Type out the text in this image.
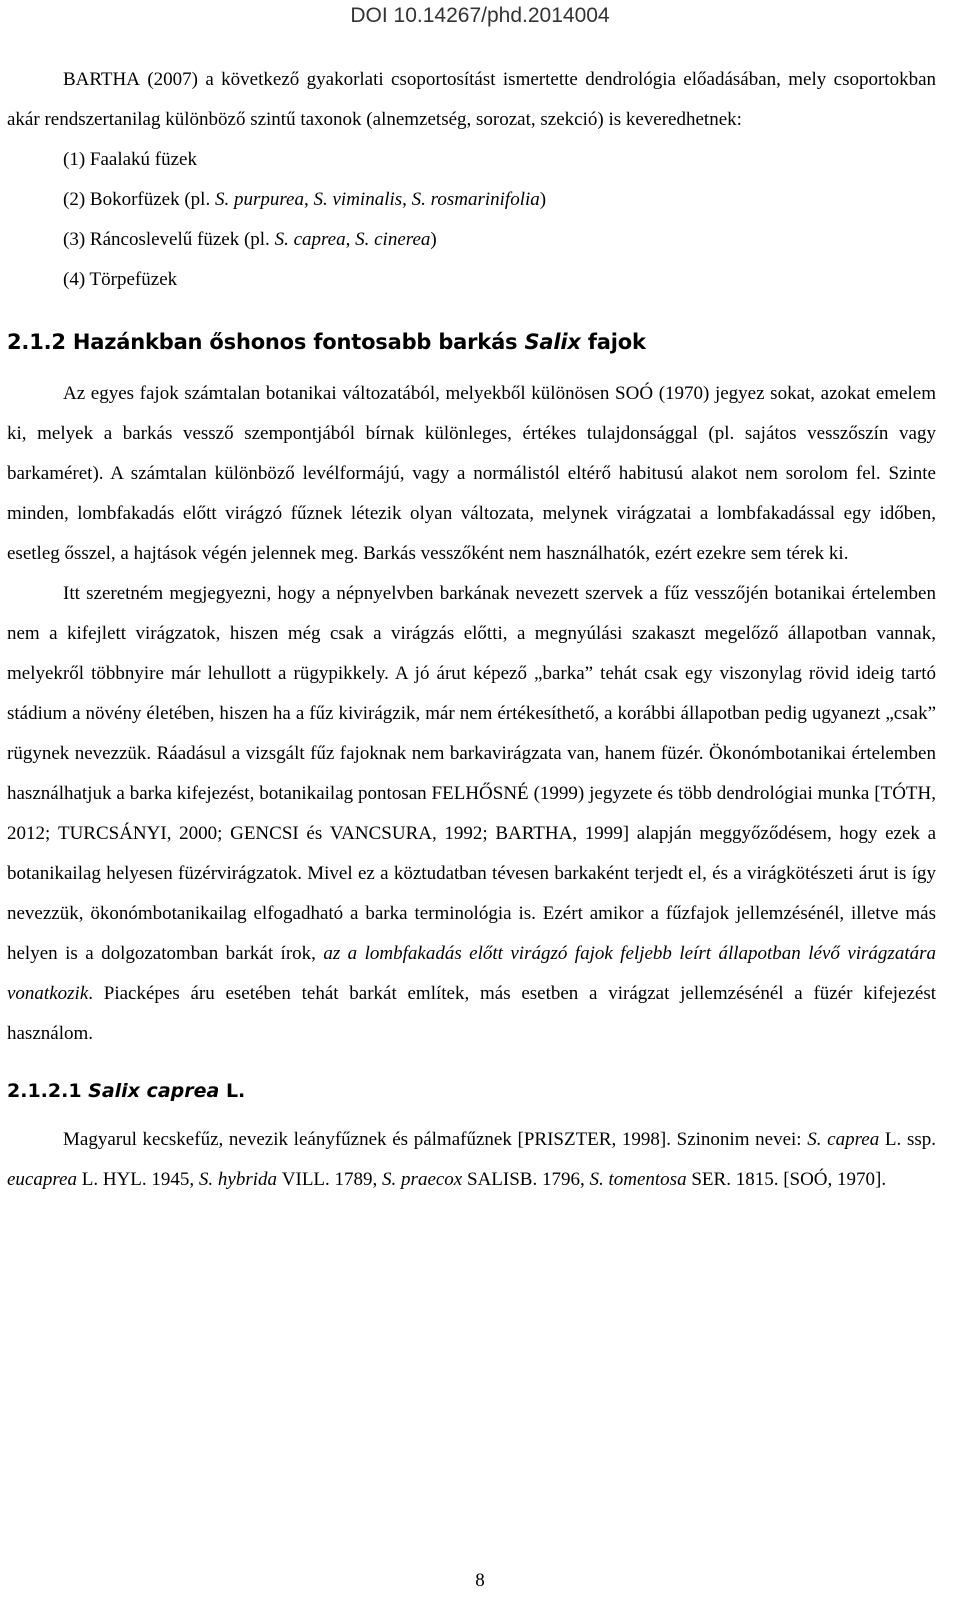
DOI 10.14267/phd.2014004

BARTHA (2007) a következő gyakorlati csoportosítást ismertette dendrológia előadásában, mely csoportokban akár rendszertanilag különböző szintű taxonok (alnemzetség, sorozat, szekció) is keveredhetnek:

(1) Faalakú füzek

(2) Bokorfüzek (pl. S. purpurea, S. viminalis, S. rosmarinifolia)

(3) Ráncoslevelű füzek (pl. S. caprea, S. cinerea)

(4) Törpefüzek

2.1.2 Hazánkban őshonos fontosabb barkás Salix fajok

Az egyes fajok számtalan botanikai változatából, melyekből különösen SOÓ (1970) jegyez sokat, azokat emelem ki, melyek a barkás vessző szempontjából bírnak különleges, értékes tulajdonsággal (pl. sajátos vesszőszín vagy barkaméret). A számtalan különböző levélformájú, vagy a normálistól eltérő habitusú alakot nem sorolom fel. Szinte minden, lombfakadás előtt virágzó fűznek létezik olyan változata, melynek virágzatai a lombfakadással egy időben, esetleg ősszel, a hajtások végén jelennek meg. Barkás vesszőként nem használhatók, ezért ezekre sem térek ki.

Itt szeretném megjegyezni, hogy a népnyelvben barkának nevezett szervek a fűz vesszőjén botanikai értelemben nem a kifejlett virágzatok, hiszen még csak a virágzás előtti, a megnyúlási szakaszt megelőző állapotban vannak, melyekről többnyire már lehullott a rügypikkely. A jó árut képező „barka” tehát csak egy viszonylag rövid ideig tartó stádium a növény életében, hiszen ha a fűz kivirágzik, már nem értékesíthető, a korábbi állapotban pedig ugyanezt „csak” rügynek nevezzük. Ráadásul a vizsgált fűz fajoknak nem barkavirágzata van, hanem füzér. Ökonómbotanikai értelemben használhatjuk a barka kifejezést, botanikailag pontosan FELHŐSNÉ (1999) jegyzete és több dendrológiai munka [TÓTH, 2012; TURCSÁNYI, 2000; GENCSI és VANCSURA, 1992; BARTHA, 1999] alapján meggyőződésem, hogy ezek a botanikailag helyesen füzérvirágzatok. Mivel ez a köztudatban tévesen barkaként terjedt el, és a virágkötészeti árut is így nevezzük, ökonómbotanikailag elfogadható a barka terminológia is. Ezért amikor a fűzfajok jellemzésénél, illetve más helyen is a dolgozatomban barkát írok, az a lombfakadás előtt virágzó fajok feljebb leírt állapotban lévő virágzatára vonatkozik. Piacképes áru esetében tehát barkát említek, más esetben a virágzat jellemzésénél a füzér kifejezést használom.

2.1.2.1 Salix caprea L.

Magyarul kecskefűz, nevezik leányfűznek és pálmafűznek [PRISZTER, 1998]. Szinonim nevei: S. caprea L. ssp. eucaprea L. HYL. 1945, S. hybrida VILL. 1789, S. praecox SALISB. 1796, S. tomentosa SER. 1815. [SOÓ, 1970].

8
